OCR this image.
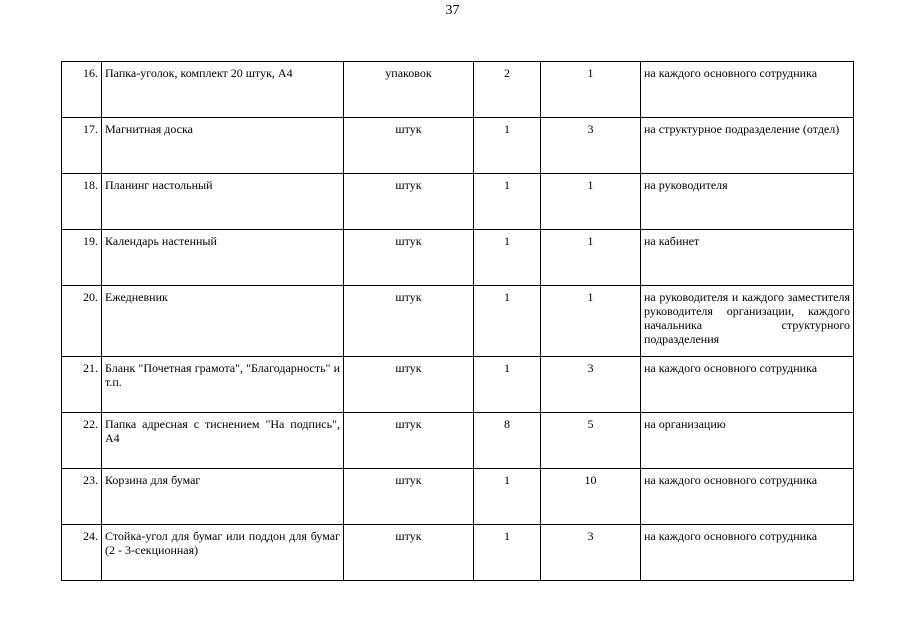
37
16.	Папка-уголок, комплект 20 штук, А4	упаковок	2	1	на каждого основного сотрудника
17.	Магнитная доска	штук	1	3	на структурное подразделение (отдел)
18.	Планинг настольный	штук	1	1	на руководителя
19.	Календарь настенный	штук	1	1	на кабинет
20.	Ежедневник	штук	1	1	на руководителя и каждого заместителя руководителя организации, каждого начальника структурного подразделения
21.	Бланк "Почетная грамота", "Благодарность" и т.п.	штук	1	3	на каждого основного сотрудника
22.	Папка адресная с тиснением "На подпись", А4	штук	8	5	на организацию
23.	Корзина для бумаг	штук	1	10	на каждого основного сотрудника
24.	Стойка-угол для бумаг или поддон для бумаг (2 - 3-секционная)	штук	1	3	на каждого основного сотрудника
